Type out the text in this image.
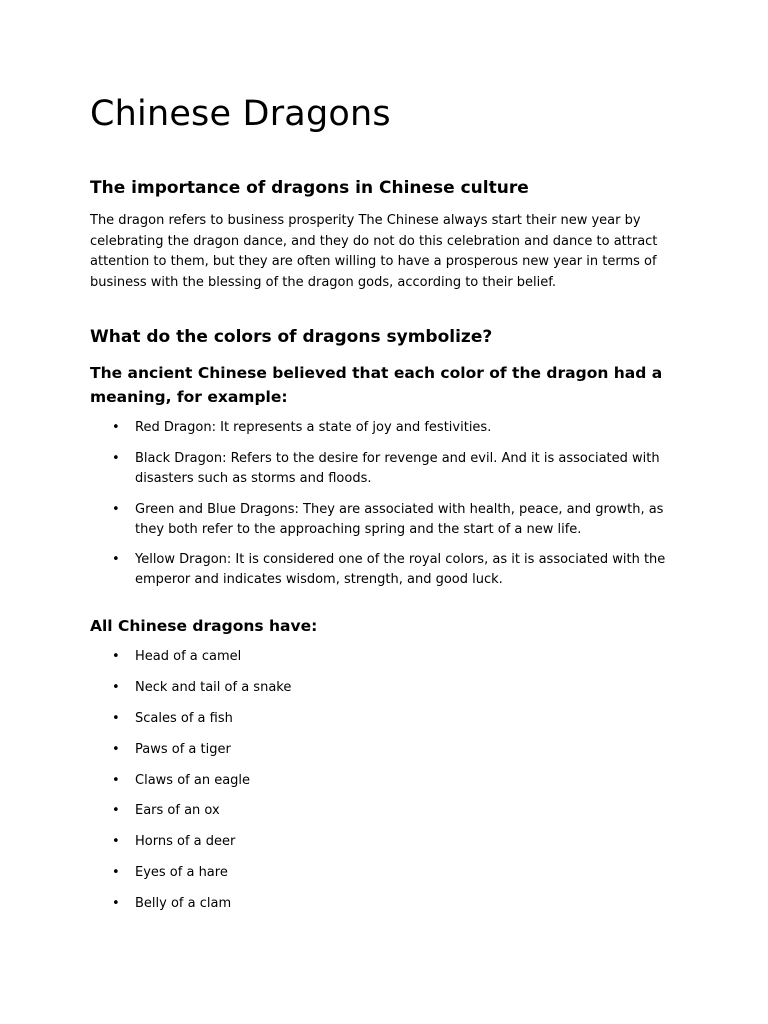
Chinese Dragons
The importance of dragons in Chinese culture

The dragon refers to business prosperity The Chinese always start their new year by celebrating the dragon dance, and they do not do this celebration and dance to attract attention to them, but they are often willing to have a prosperous new year in terms of business with the blessing of the dragon gods, according to their belief.

What do the colors of dragons symbolize?
The ancient Chinese believed that each color of the dragon had a meaning, for example:
• Red Dragon: It represents a state of joy and festivities.
• Black Dragon: Refers to the desire for revenge and evil. And it is associated with disasters such as storms and floods.
• Green and Blue Dragons: They are associated with health, peace, and growth, as they both refer to the approaching spring and the start of a new life.
• Yellow Dragon: It is considered one of the royal colors, as it is associated with the emperor and indicates wisdom, strength, and good luck.
All Chinese dragons have:
• Head of a camel
• Neck and tail of a snake
• Scales of a fish
• Paws of a tiger
• Claws of an eagle
• Ears of an ox
• Horns of a deer
• Eyes of a hare
• Belly of a clam
